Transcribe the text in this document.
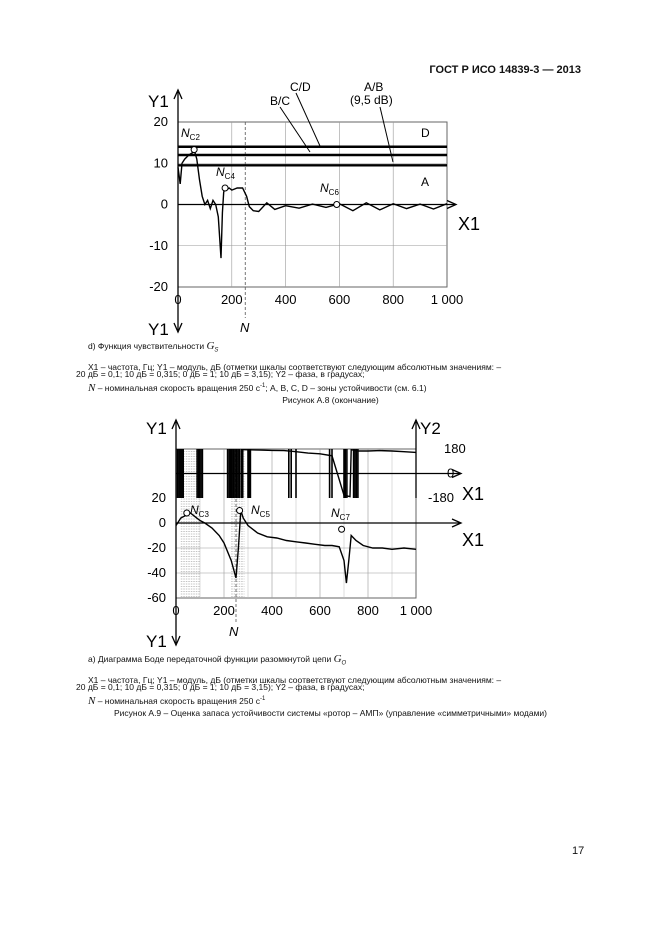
ГОСТ Р ИСО 14839-3 — 2013
0	200 400 600 800 1 000
20
10
0
-10
-20
Y1
Y1
X1
N
C/D
B/C
A/B
(9,5 dB)
D
A
$N_{C2}$
$N_{C4}$
$N_{C6}$
d) Функция чувствительности $G_S$
X1 – частота, Гц; Y1 – модуль, дБ (отметки шкалы соответствуют следующим абсолютным значениям: –
20 дБ = 0,1; 10 дБ = 0,315; 0 дБ = 1; 10 дБ = 3,15); Y2 – фаза, в градусах;
N – номинальная скорость вращения 250 $с^{-1}$; A, B, C, D – зоны устойчивости (см. 6.1)
Рисунок А.8 (окончание)
0	200 400 600 800 1 000
20
0
-20
-40
-60
180
0
-180
Y1	Y2
Y1
X1
X1
N
$N_{C3}$	$N_{C5}$	$N_{C7}$
а) Диаграмма Боде передаточной функции разомкнутой цепи $G_O$
X1 – частота, Гц; Y1 – модуль, дБ (отметки шкалы соответствуют следующим абсолютным значениям: –
20 дБ = 0,1; 10 дБ = 0,315; 0 дБ = 1; 10 дБ = 3,15); Y2 – фаза, в градусах;
N – номинальная скорость вращения 250 $с^{-1}$
Рисунок А.9 – Оценка запаса устойчивости системы «ротор – АМП» (управление «симметричными» модами)
17
